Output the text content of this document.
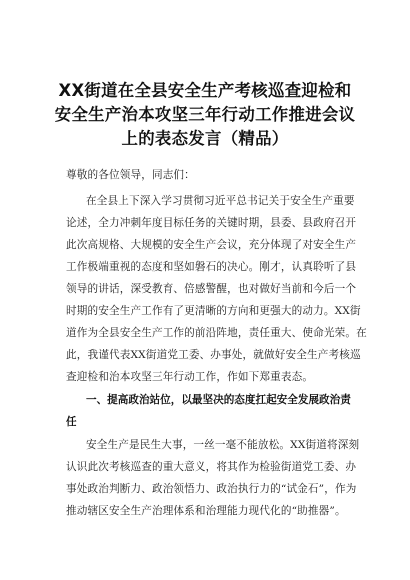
XX街道在全县安全生产考核巡查迎检和
安全生产治本攻坚三年行动工作推进会议
上的表态发言（精品）
尊敬的各位领导，同志们：
在全县上下深入学习贯彻习近平总书记关于安全生产重要
论述，全力冲刺年度目标任务的关键时期，县委、县政府召开
此次高规格、大规模的安全生产会议，充分体现了对安全生产
工作极端重视的态度和坚如磐石的决心。刚才，认真聆听了县
领导的讲话，深受教育、倍感警醒，也对做好当前和今后一个
时期的安全生产工作有了更清晰的方向和更强大的动力。XX街
道作为全县安全生产工作的前沿阵地，责任重大、使命光荣。在
此，我谨代表XX街道党工委、办事处，就做好安全生产考核巡
查迎检和治本攻坚三年行动工作，作如下郑重表态。
一、提高政治站位，以最坚决的态度扛起安全发展政治责
任
安全生产是民生大事，一丝一毫不能放松。XX街道将深刻
认识此次考核巡查的重大意义，将其作为检验街道党工委、办
事处政治判断力、政治领悟力、政治执行力的“试金石”，作为
推动辖区安全生产治理体系和治理能力现代化的“助推器”。
